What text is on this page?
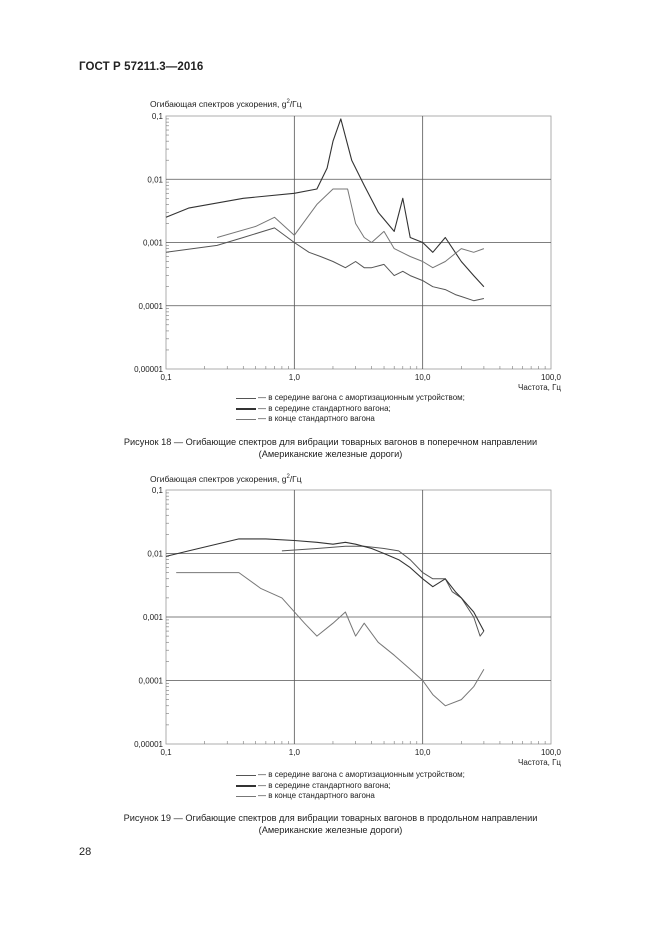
ГОСТ Р 57211.3—2016
Огибающая спектров ускорения, $g^2/Гц$
0,1	1,0	10,0	100,0
0,00001
0,0001
0,001
0,01
0,1
Частота, Гц
— в середине вагона с амортизационным устройством;
— в середине стандартного вагона;
— в конце стандартного вагона
Рисунок 18 — Огибающие спектров для вибрации товарных вагонов в поперечном направлении
(Американские железные дороги)
Огибающая спектров ускорения, $g^2/Гц$
0,1	1,0	10,0	100,0
0,00001
0,0001
0,001
0,01
0,1
Частота, Гц
— в середине вагона с амортизационным устройством;
— в середине стандартного вагона;
— в конце стандартного вагона
Рисунок 19 — Огибающие спектров для вибрации товарных вагонов в продольном направлении
(Американские железные дороги)
28
